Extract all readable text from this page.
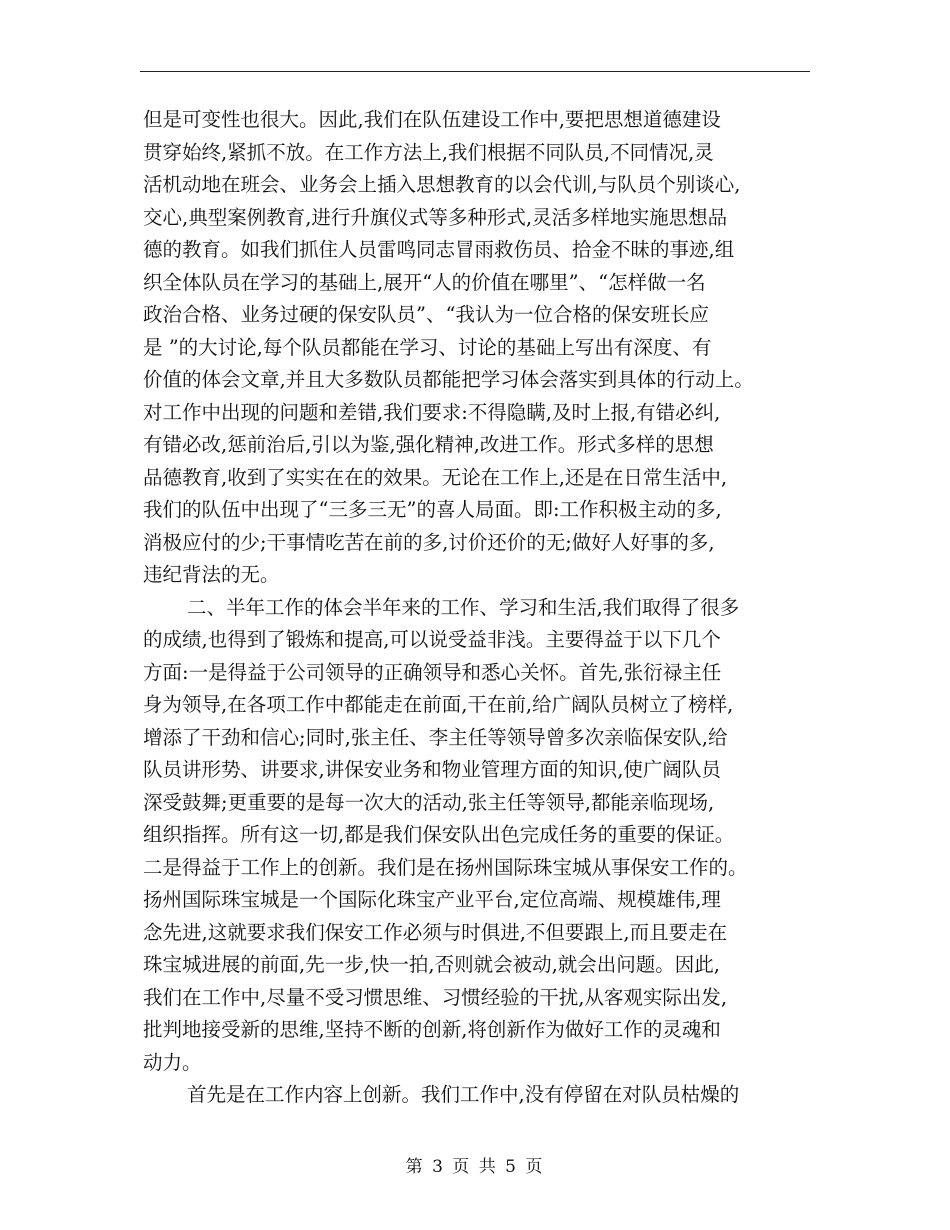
但是可变性也很大。因此,我们在队伍建设工作中,要把思想道德建设
贯穿始终,紧抓不放。在工作方法上,我们根据不同队员,不同情况,灵
活机动地在班会、业务会上插入思想教育的以会代训,与队员个别谈心,
交心,典型案例教育,进行升旗仪式等多种形式,灵活多样地实施思想品
德的教育。如我们抓住人员雷鸣同志冒雨救伤员、拾金不昧的事迹,组
织全体队员在学习的基础上,展开“人的价值在哪里”、“怎样做一名
政治合格、业务过硬的保安队员”、“我认为一位合格的保安班长应
是 ”的大讨论,每个队员都能在学习、讨论的基础上写出有深度、有
价值的体会文章,并且大多数队员都能把学习体会落实到具体的行动上。
对工作中出现的问题和差错,我们要求:不得隐瞒,及时上报,有错必纠,
有错必改,惩前治后,引以为鉴,强化精神,改进工作。形式多样的思想
品德教育,收到了实实在在的效果。无论在工作上,还是在日常生活中,
我们的队伍中出现了“三多三无”的喜人局面。即:工作积极主动的多,
消极应付的少;干事情吃苦在前的多,讨价还价的无;做好人好事的多,
违纪背法的无。
二、半年工作的体会半年来的工作、学习和生活,我们取得了很多
的成绩,也得到了锻炼和提高,可以说受益非浅。主要得益于以下几个
方面:一是得益于公司领导的正确领导和悉心关怀。首先,张衍禄主任
身为领导,在各项工作中都能走在前面,干在前,给广阔队员树立了榜样,
增添了干劲和信心;同时,张主任、李主任等领导曾多次亲临保安队,给
队员讲形势、讲要求,讲保安业务和物业管理方面的知识,使广阔队员
深受鼓舞;更重要的是每一次大的活动,张主任等领导,都能亲临现场,
组织指挥。所有这一切,都是我们保安队出色完成任务的重要的保证。
二是得益于工作上的创新。我们是在扬州国际珠宝城从事保安工作的。
扬州国际珠宝城是一个国际化珠宝产业平台,定位高端、规模雄伟,理
念先进,这就要求我们保安工作必须与时俱进,不但要跟上,而且要走在
珠宝城进展的前面,先一步,快一拍,否则就会被动,就会出问题。因此,
我们在工作中,尽量不受习惯思维、习惯经验的干扰,从客观实际出发,
批判地接受新的思维,坚持不断的创新,将创新作为做好工作的灵魂和
动力。
首先是在工作内容上创新。我们工作中,没有停留在对队员枯燥的
第 3 页 共 5 页
